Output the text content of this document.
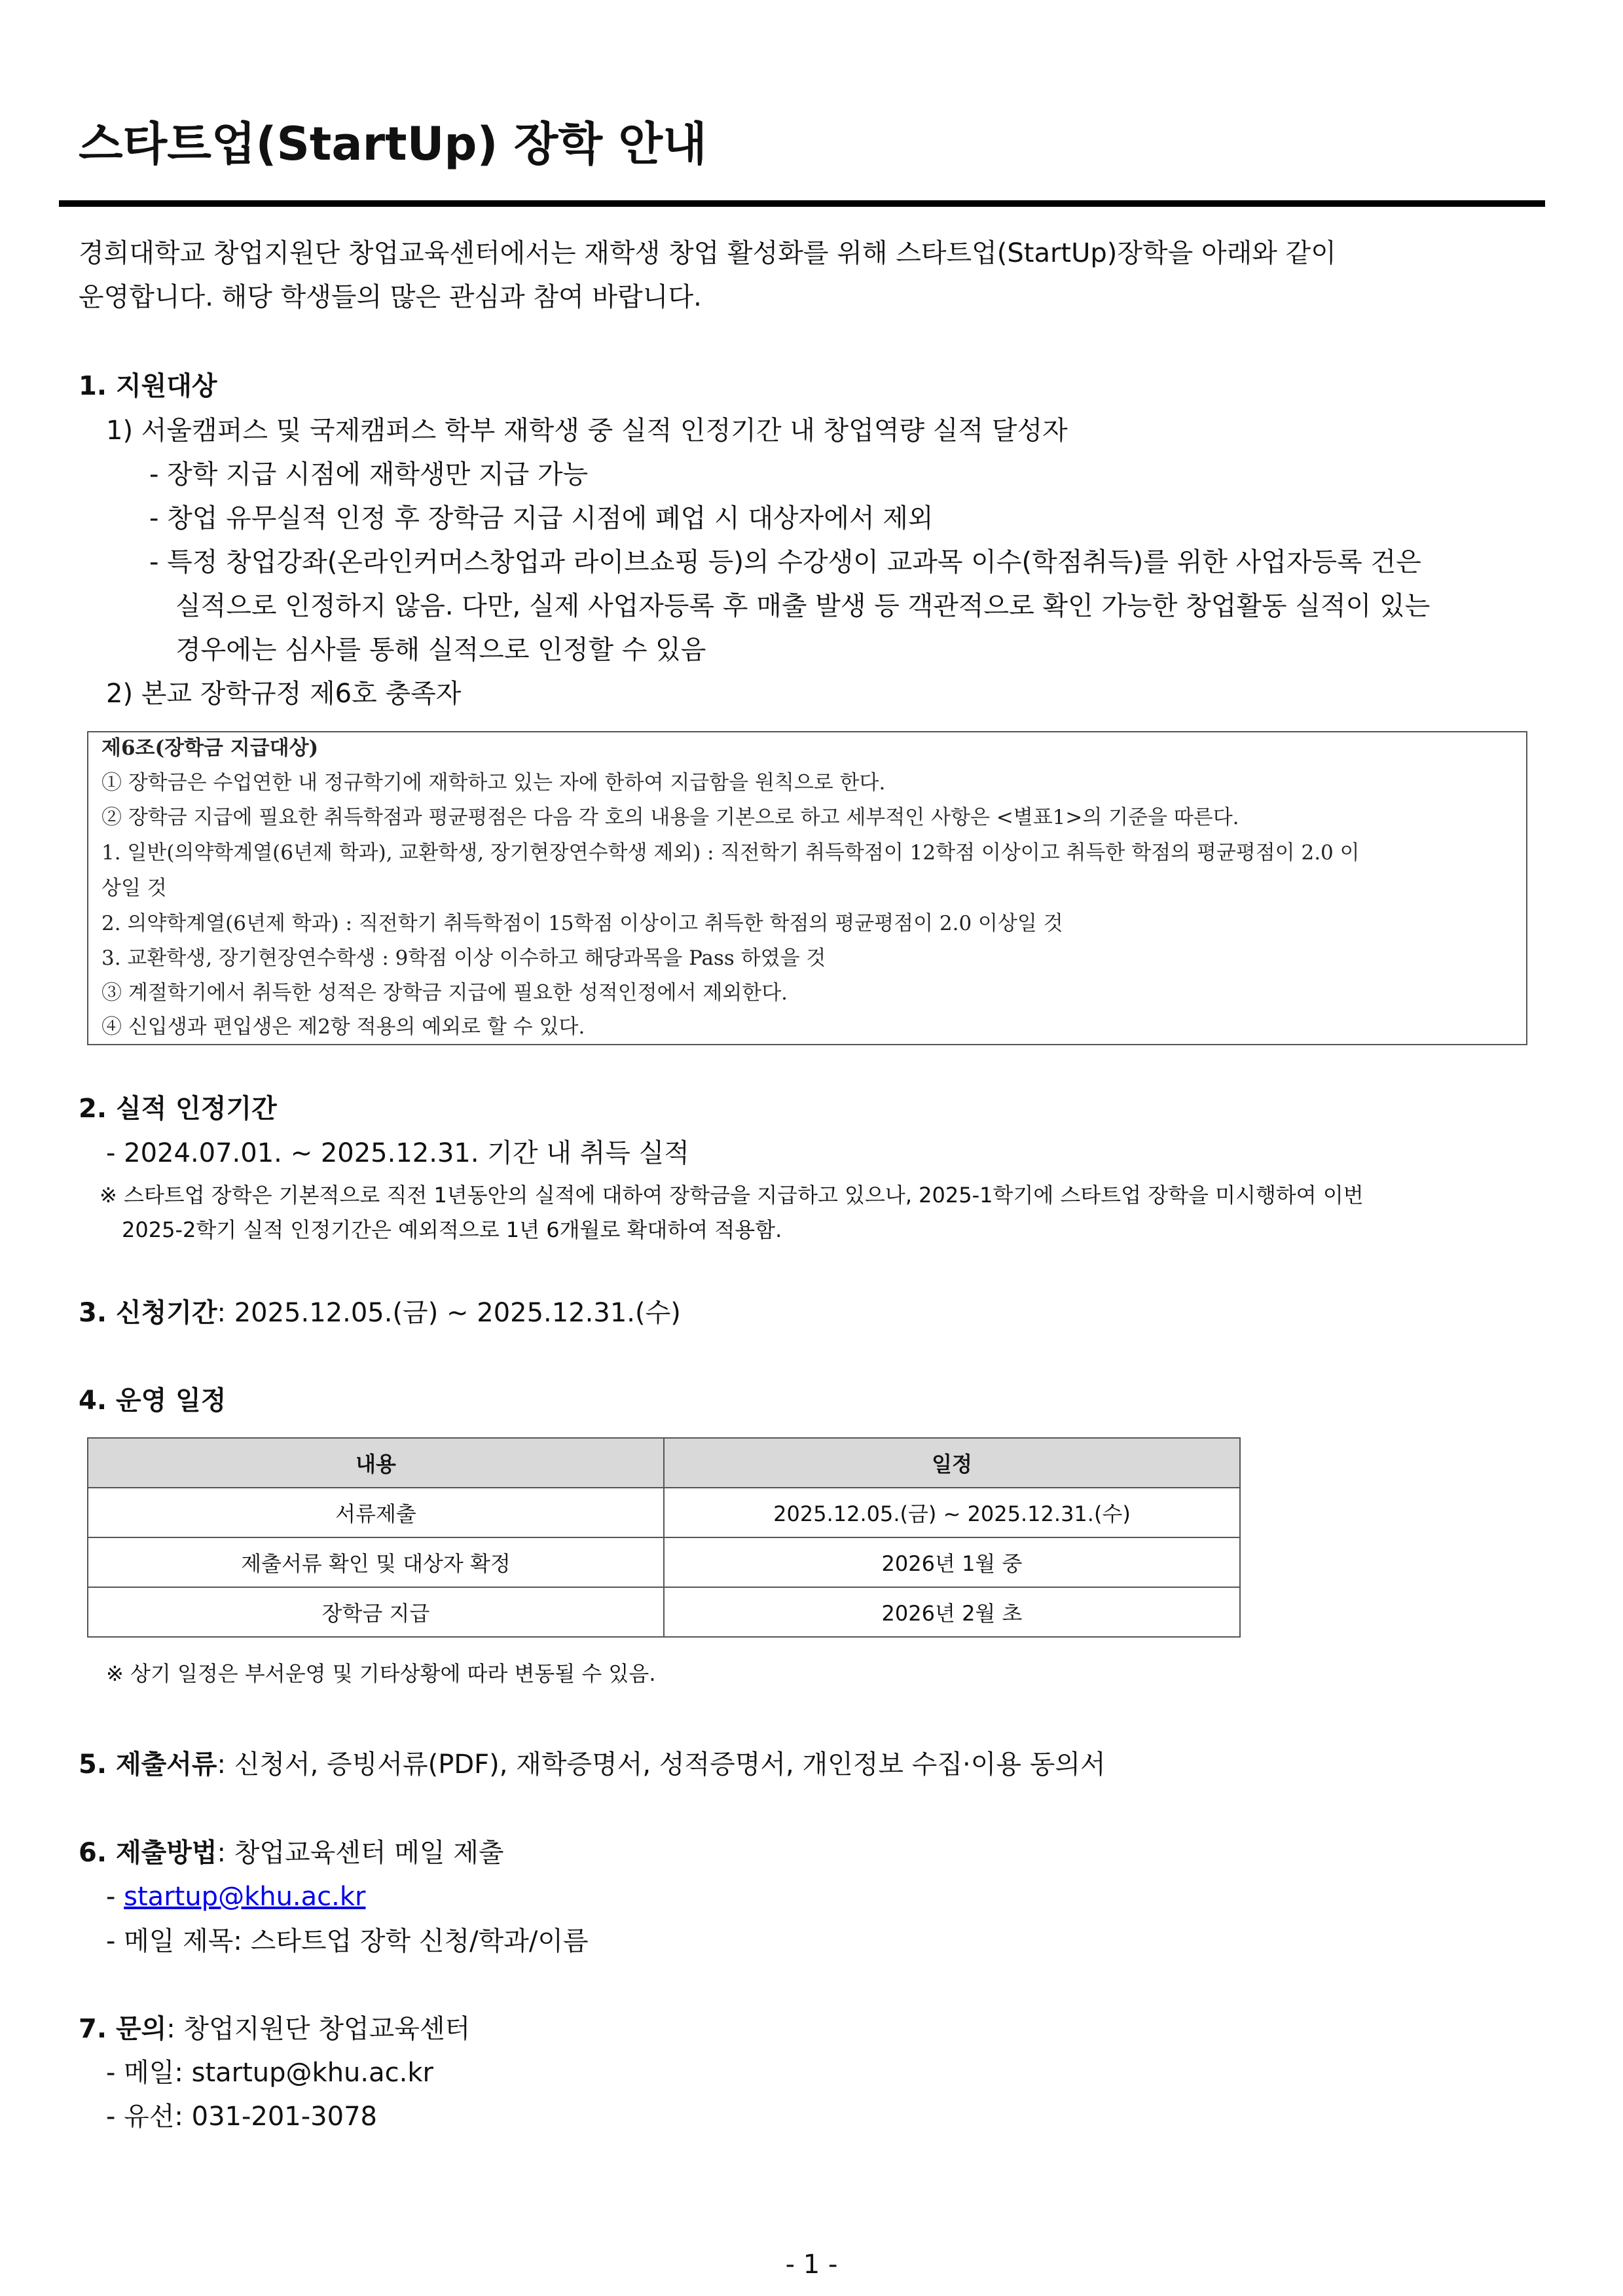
스타트업(StartUp) 장학 안내
경희대학교 창업지원단 창업교육센터에서는 재학생 창업 활성화를 위해 스타트업(StartUp)장학을 아래와 같이
운영합니다. 해당 학생들의 많은 관심과 참여 바랍니다.
1. 지원대상
1) 서울캠퍼스 및 국제캠퍼스 학부 재학생 중 실적 인정기간 내 창업역량 실적 달성자
- 장학 지급 시점에 재학생만 지급 가능
- 창업 유무실적 인정 후 장학금 지급 시점에 폐업 시 대상자에서 제외
- 특정 창업강좌(온라인커머스창업과 라이브쇼핑 등)의 수강생이 교과목 이수(학점취득)를 위한 사업자등록 건은
실적으로 인정하지 않음. 다만, 실제 사업자등록 후 매출 발생 등 객관적으로 확인 가능한 창업활동 실적이 있는
경우에는 심사를 통해 실적으로 인정할 수 있음
2) 본교 장학규정 제6호 충족자
제6조(장학금 지급대상)
① 장학금은 수업연한 내 정규학기에 재학하고 있는 자에 한하여 지급함을 원칙으로 한다.
② 장학금 지급에 필요한 취득학점과 평균평점은 다음 각 호의 내용을 기본으로 하고 세부적인 사항은 <별표1>의 기준을 따른다.
1. 일반(의약학계열(6년제 학과), 교환학생, 장기현장연수학생 제외) : 직전학기 취득학점이 12학점 이상이고 취득한 학점의 평균평점이 2.0 이
상일 것
2. 의약학계열(6년제 학과) : 직전학기 취득학점이 15학점 이상이고 취득한 학점의 평균평점이 2.0 이상일 것
3. 교환학생, 장기현장연수학생 : 9학점 이상 이수하고 해당과목을 Pass 하였을 것
③ 계절학기에서 취득한 성적은 장학금 지급에 필요한 성적인정에서 제외한다.
④ 신입생과 편입생은 제2항 적용의 예외로 할 수 있다.
2. 실적 인정기간
- 2024.07.01. ~ 2025.12.31. 기간 내 취득 실적
※ 스타트업 장학은 기본적으로 직전 1년동안의 실적에 대하여 장학금을 지급하고 있으나, 2025-1학기에 스타트업 장학을 미시행하여 이번
2025-2학기 실적 인정기간은 예외적으로 1년 6개월로 확대하여 적용함.
3. 신청기간: 2025.12.05.(금) ~ 2025.12.31.(수)
4. 운영 일정
내용	일정
서류제출	2025.12.05.(금) ~ 2025.12.31.(수)
제출서류 확인 및 대상자 확정	2026년 1월 중
장학금 지급	2026년 2월 초
※ 상기 일정은 부서운영 및 기타상황에 따라 변동될 수 있음.
5. 제출서류: 신청서, 증빙서류(PDF), 재학증명서, 성적증명서, 개인정보 수집·이용 동의서
6. 제출방법: 창업교육센터 메일 제출
- startup@khu.ac.kr
- 메일 제목: 스타트업 장학 신청/학과/이름
7. 문의: 창업지원단 창업교육센터
- 메일: startup@khu.ac.kr
- 유선: 031-201-3078
- 1 -
